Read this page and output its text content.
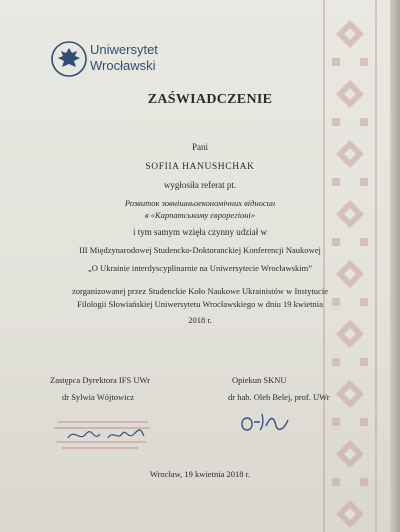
Uniwersytet
Wrocławski
ZAŚWIADCZENIE
Pani
SOFIIA HANUSHCHAK
wygłosiła referat pt.
Розвиток зовнішньоекономічних відносин
в «Карпатському єврорегіоні»
i tym samym wzięła czynny udział w
III Międzynarodowej Studencko-Doktoranckiej Konferencji Naukowej
„O Ukrainie interdyscyplinarnie na Uniwersytecie Wrocławskim”
zorganizowanej przez Studenckie Koło Naukowe Ukrainistów w Instytucie
Filologii Słowiańskiej Uniwersytetu Wrocławskiego w dniu 19 kwietnia
2018 r.
Zastępca Dyrektora IFS UWr
dr Sylwia Wójtowicz
Opiekun SKNU
dr hab. Oleh Belej, prof. UWr
Wrocław, 19 kwietnia 2018 r.
